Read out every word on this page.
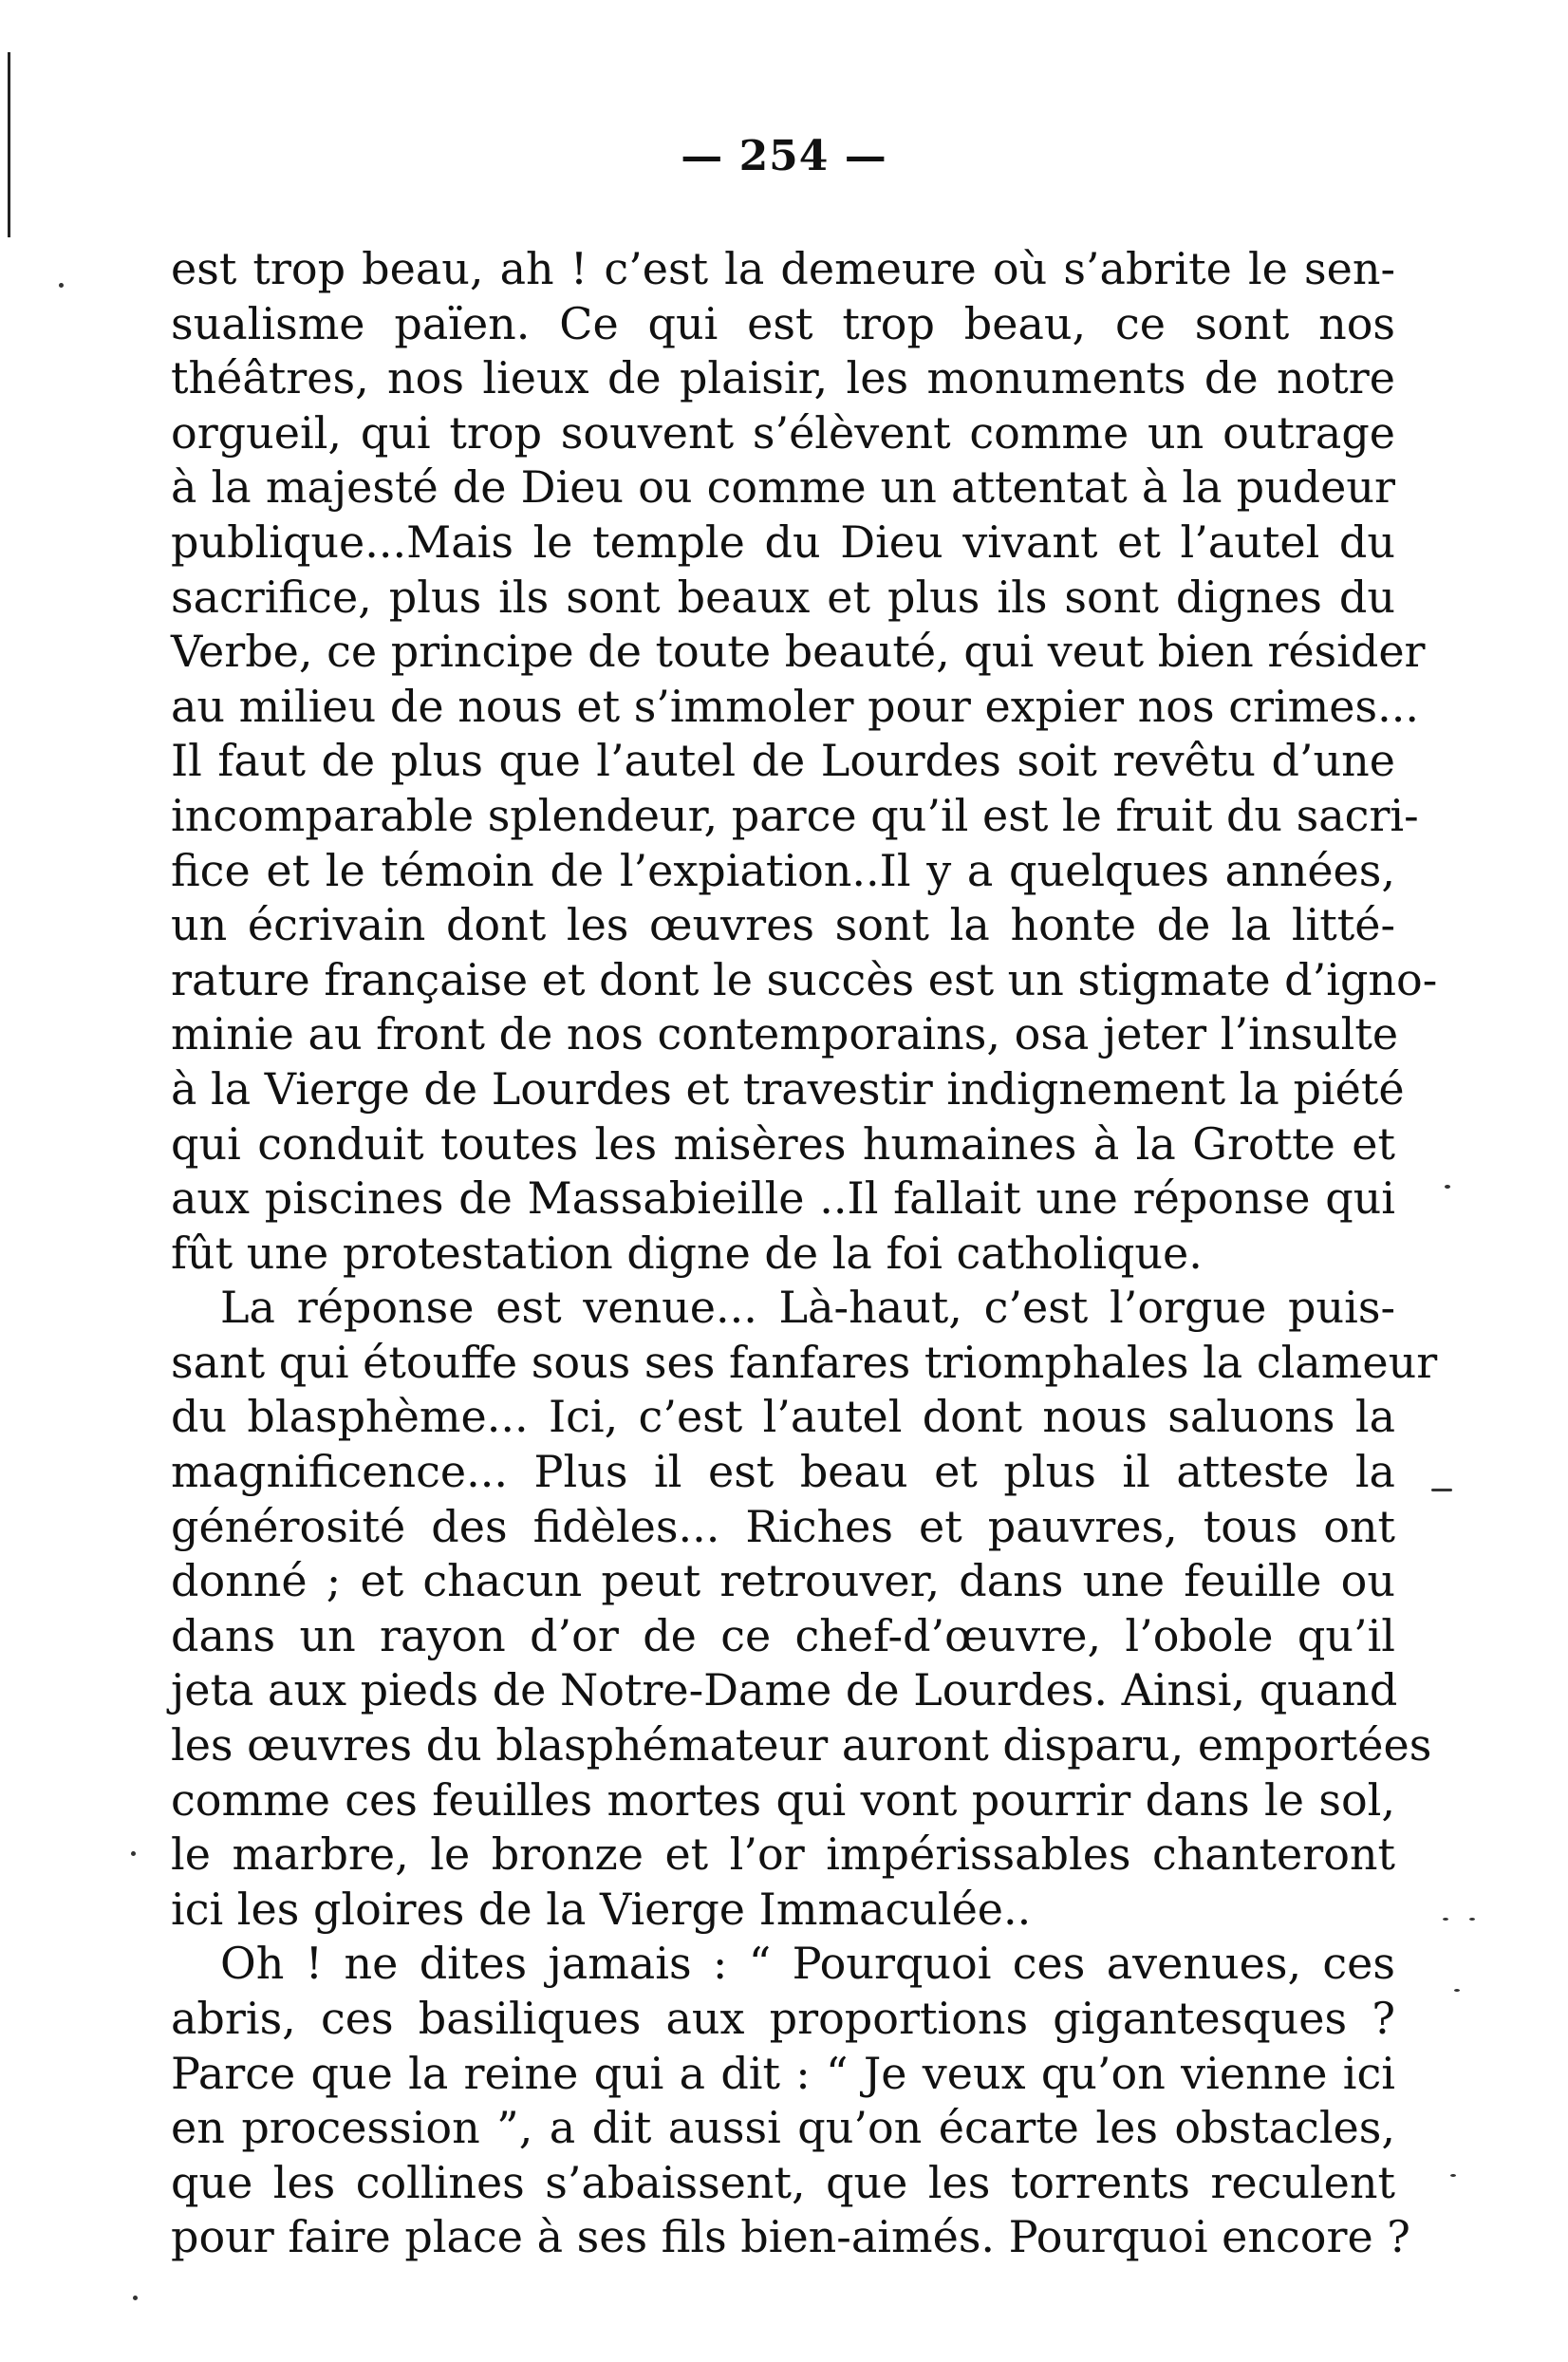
— 254 —
est trop beau, ah ! c’est la demeure où s’abrite le sen-
sualisme païen. Ce qui est trop beau, ce sont nos
théâtres, nos lieux de plaisir, les monuments de notre
orgueil, qui trop souvent s’élèvent comme un outrage
à la majesté de Dieu ou comme un attentat à la pudeur
publique...Mais le temple du Dieu vivant et l’autel du
sacrifice, plus ils sont beaux et plus ils sont dignes du
Verbe, ce principe de toute beauté, qui veut bien résider
au milieu de nous et s’immoler pour expier nos crimes...
Il faut de plus que l’autel de Lourdes soit revêtu d’une
incomparable splendeur, parce qu’il est le fruit du sacri-
fice et le témoin de l’expiation..Il y a quelques années,
un écrivain dont les œuvres sont la honte de la litté-
rature française et dont le succès est un stigmate d’igno-
minie au front de nos contemporains, osa jeter l’insulte
à la Vierge de Lourdes et travestir indignement la piété
qui conduit toutes les misères humaines à la Grotte et
aux piscines de Massabieille ..Il fallait une réponse qui
fût une protestation digne de la foi catholique.
La réponse est venue... Là-haut, c’est l’orgue puis-
sant qui étouffe sous ses fanfares triomphales la clameur
du blasphème... Ici, c’est l’autel dont nous saluons la
magnificence... Plus il est beau et plus il atteste la
générosité des fidèles... Riches et pauvres, tous ont
donné ; et chacun peut retrouver, dans une feuille ou
dans un rayon d’or de ce chef-d’œuvre, l’obole qu’il
jeta aux pieds de Notre-Dame de Lourdes. Ainsi, quand
les œuvres du blasphémateur auront disparu, emportées
comme ces feuilles mortes qui vont pourrir dans le sol,
le marbre, le bronze et l’or impérissables chanteront
ici les gloires de la Vierge Immaculée..
Oh ! ne dites jamais : “ Pourquoi ces avenues, ces
abris, ces basiliques aux proportions gigantesques ?
Parce que la reine qui a dit : “ Je veux qu’on vienne ici
en procession ”, a dit aussi qu’on écarte les obstacles,
que les collines s’abaissent, que les torrents reculent
pour faire place à ses fils bien-aimés. Pourquoi encore ?
